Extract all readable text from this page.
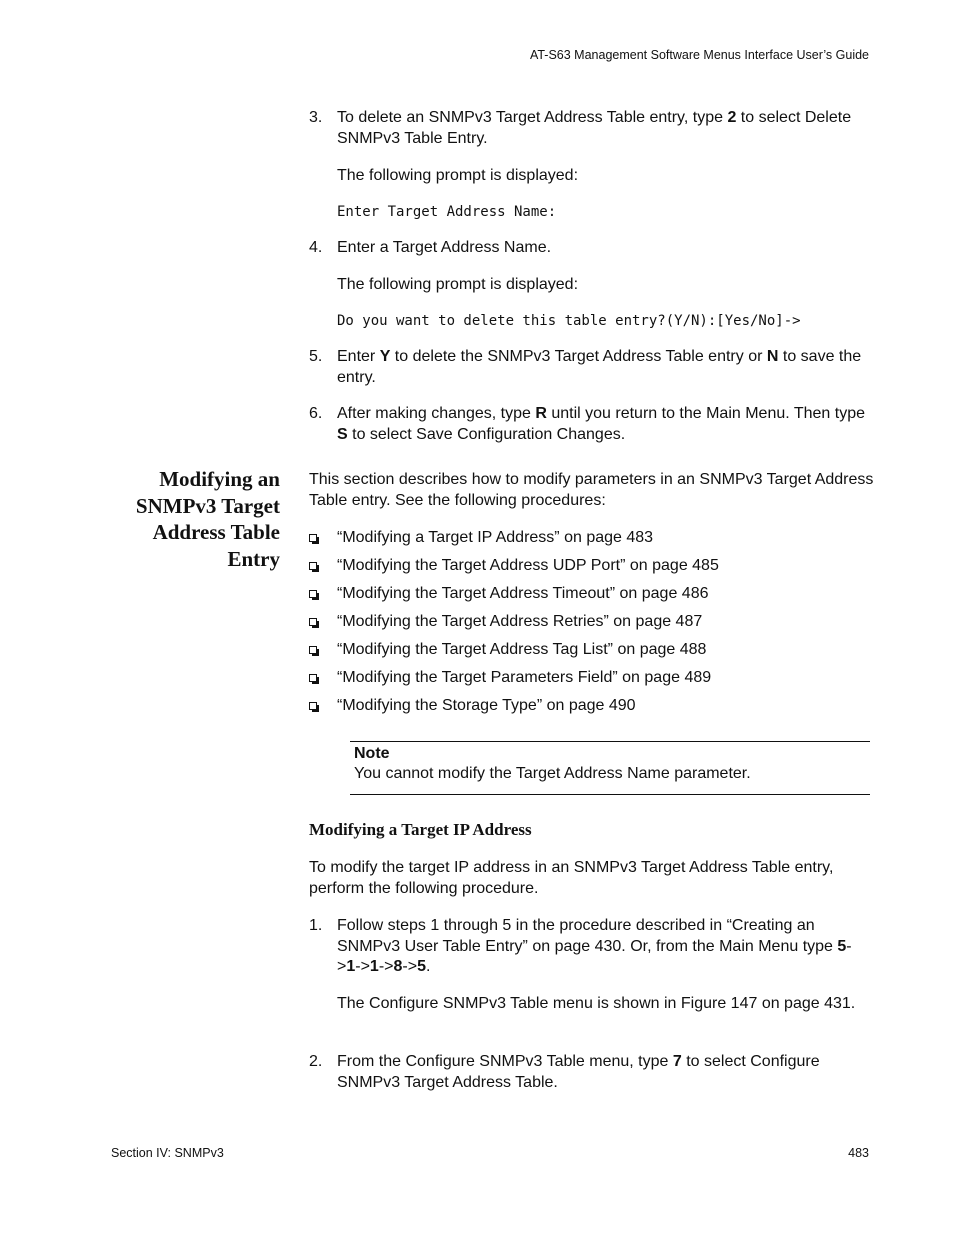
AT-S63 Management Software Menus Interface User’s Guide
3. To delete an SNMPv3 Target Address Table entry, type 2 to select Delete SNMPv3 Table Entry.
The following prompt is displayed:
Enter Target Address Name:
4. Enter a Target Address Name.
The following prompt is displayed:
Do you want to delete this table entry?(Y/N):[Yes/No]->
5. Enter Y to delete the SNMPv3 Target Address Table entry or N to save the entry.
6. After making changes, type R until you return to the Main Menu. Then type S to select Save Configuration Changes.
Modifying an
SNMPv3 Target
Address Table
Entry
This section describes how to modify parameters in an SNMPv3 Target Address Table entry. See the following procedures:
“Modifying a Target IP Address” on page 483
“Modifying the Target Address UDP Port” on page 485
“Modifying the Target Address Timeout” on page 486
“Modifying the Target Address Retries” on page 487
“Modifying the Target Address Tag List” on page 488
“Modifying the Target Parameters Field” on page 489
“Modifying the Storage Type” on page 490
Note
You cannot modify the Target Address Name parameter.
Modifying a Target IP Address
To modify the target IP address in an SNMPv3 Target Address Table entry, perform the following procedure.
1. Follow steps 1 through 5 in the procedure described in “Creating an SNMPv3 User Table Entry” on page 430. Or, from the Main Menu type 5->1->1->8->5.
The Configure SNMPv3 Table menu is shown in Figure 147 on page 431.
2. From the Configure SNMPv3 Table menu, type 7 to select Configure SNMPv3 Target Address Table.
Section IV: SNMPv3	483
